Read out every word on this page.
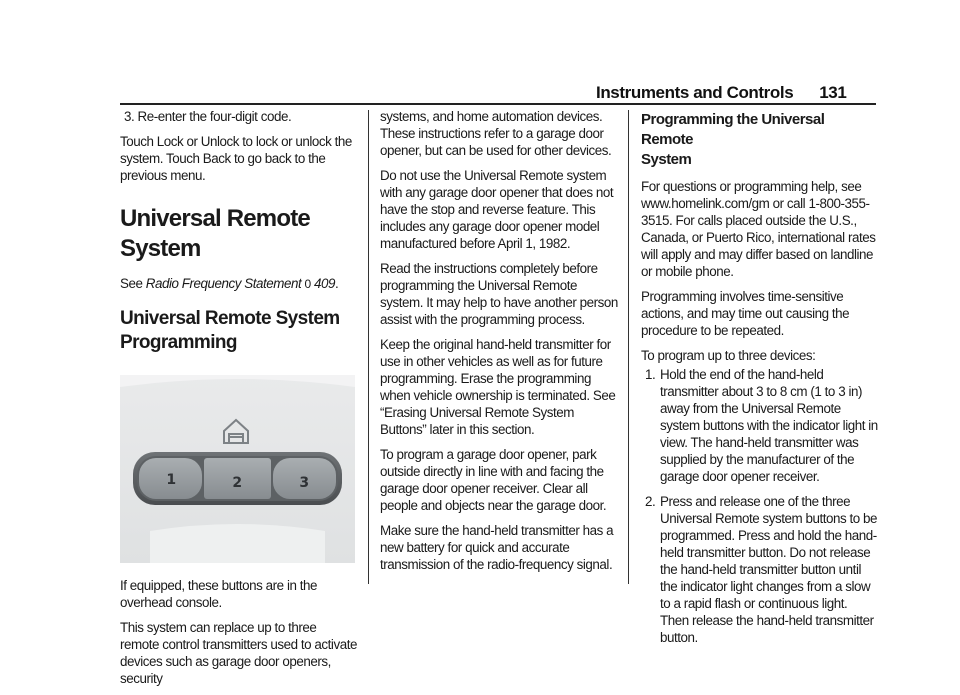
Instruments and Controls 131

3. Re-enter the four-digit code.

Touch Lock or Unlock to lock or unlock the system. Touch Back to go back to the previous menu.

Universal Remote System

See Radio Frequency Statement 0 409.

Universal Remote System
Programming
1	2	3

If equipped, these buttons are in the overhead console.

This system can replace up to three remote control transmitters used to activate devices such as garage door openers, security

systems, and home automation devices. These instructions refer to a garage door opener, but can be used for other devices.

Do not use the Universal Remote system with any garage door opener that does not have the stop and reverse feature. This includes any garage door opener model manufactured before April 1, 1982.

Read the instructions completely before programming the Universal Remote system. It may help to have another person assist with the programming process.

Keep the original hand-held transmitter for use in other vehicles as well as for future programming. Erase the programming when vehicle ownership is terminated. See “Erasing Universal Remote System Buttons” later in this section.

To program a garage door opener, park outside directly in line with and facing the garage door opener receiver. Clear all people and objects near the garage door.

Make sure the hand-held transmitter has a new battery for quick and accurate transmission of the radio-frequency signal.

Programming the Universal Remote
System

For questions or programming help, see www.homelink.com/gm or call 1-800-355-3515. For calls placed outside the U.S., Canada, or Puerto Rico, international rates will apply and may differ based on landline or mobile phone.

Programming involves time-sensitive actions, and may time out causing the procedure to be repeated.

To program up to three devices:

1. Hold the end of the hand-held transmitter about 3 to 8 cm (1 to 3 in) away from the Universal Remote system buttons with the indicator light in view. The hand-held transmitter was supplied by the manufacturer of the garage door opener receiver.
2. Press and release one of the three Universal Remote system buttons to be programmed. Press and hold the hand-held transmitter button. Do not release the hand-held transmitter button until the indicator light changes from a slow to a rapid flash or continuous light. Then release the hand-held transmitter button.
